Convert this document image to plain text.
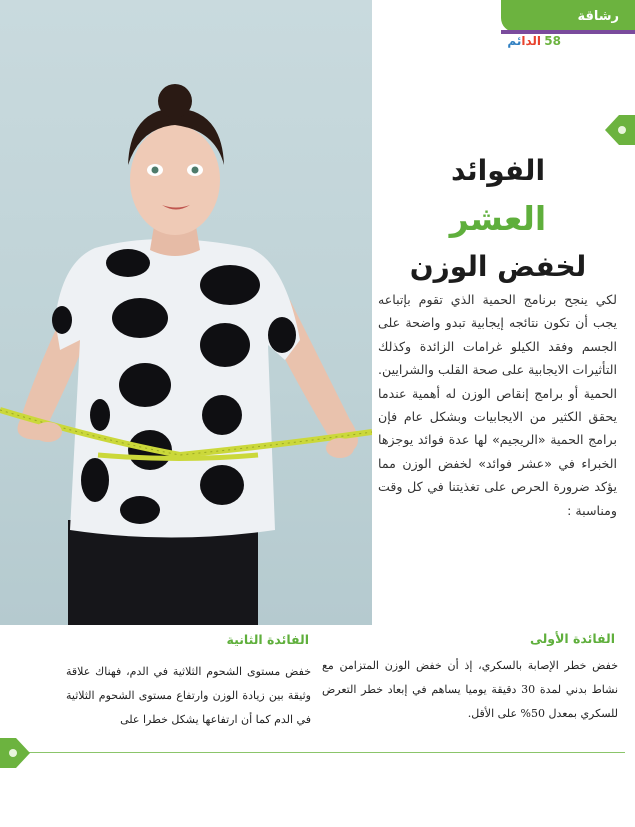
رشاقة
58
الدائم
الفوائد
العشر
لخفض الوزن
لكي ينجح برنامج الحمية الذي تقوم بإتباعه يجب أن تكون نتائجه إيجابية تبدو واضحة على الجسم وفقد الكيلو غرامات الزائدة وكذلك التأثيرات الايجابية على صحة القلب والشرايين. الحمية أو برامج إنقاص الوزن له أهمية عندما يحقق الكثير من الايجابيات وبشكل عام فإن برامج الحمية «الريجيم» لها عدة فوائد يوجزها الخبراء في «عشر فوائد» لخفض الوزن مما يؤكد ضرورة الحرص على تغذيتنا في كل وقت ومناسبة :
الفائدة الأولى
خفض خطر الإصابة بالسكري، إذ أن خفض الوزن المتزامن مع نشاط بدني لمدة 30 دقيقة يوميا يساهم في إبعاد خطر التعرض للسكري بمعدل 50% على الأقل.
الفائدة الثانية
خفض مستوى الشحوم الثلاثية في الدم، فهناك علاقة وثيقة بين زيادة الوزن وارتفاع مستوى الشحوم الثلاثية في الدم كما أن ارتفاعها يشكل خطرا على
